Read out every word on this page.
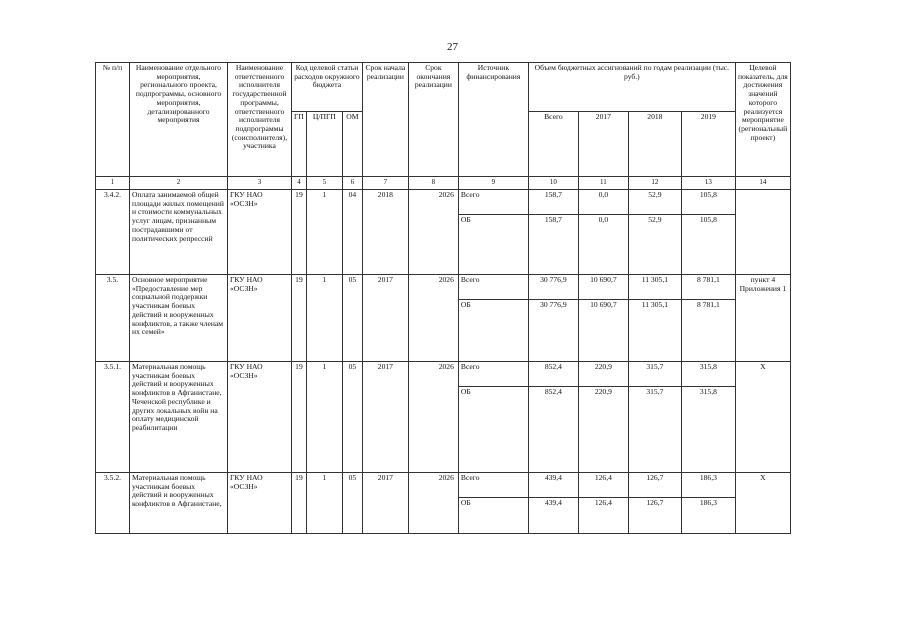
27
№ п/п	Наименование отдельного мероприятия, регионального проекта, подпрограммы, основного мероприятия, детализированного мероприятия	Наименование ответственного исполнителя государственной программы, ответственного исполнителя подпрограммы (соисполнителя), участника	Код целевой статьи расходов окружного бюджета			Срок начала реализации	Срок окончания реализации	Источник финансирования	Объем бюджетных ассигнований по годам реализации (тыс. руб.)				Целевой показатель, для достижения значений которого реализуется мероприятие (региональный проект)
			ГП	Ц/ПГП	ОМ				Всего	2017	2018	2019	
1	2	3	4	5	6	7	8	9	10	11	12	13	14
3.4.2.	Оплата занимаемой общей площади жилых помещений и стоимости коммунальных услуг лицам, признанным пострадавшими от политических репрессий	ГКУ НАО «ОСЗН»	19	1	04	2018	2026	Всего	158,7	0,0	52,9	105,8	
								ОБ	158,7	0,0	52,9	105,8	
3.5.	Основное мероприятие «Предоставление мер социальной поддержки участникам боевых действий и вооруженных конфликтов, а также членам их семей»	ГКУ НАО «ОСЗН»	19	1	05	2017	2026	Всего	30 776,9	10 690,7	11 305,1	8 781,1	пункт 4 Приложения 1
								ОБ	30 776,9	10 690,7	11 305,1	8 781,1	
3.5.1.	Материальная помощь участникам боевых действий и вооруженных конфликтов в Афганистане, Чеченской республике и других локальных войн на оплату медицинской реабилитации	ГКУ НАО «ОСЗН»	19	1	05	2017	2026	Всего	852,4	220,9	315,7	315,8	Х
								ОБ	852,4	220,9	315,7	315,8	
3.5.2.	Материальная помощь участникам боевых действий и вооруженных конфликтов в Афганистане,	ГКУ НАО «ОСЗН»	19	1	05	2017	2026	Всего	439,4	126,4	126,7	186,3	Х
								ОБ	439,4	126,4	126,7	186,3	
